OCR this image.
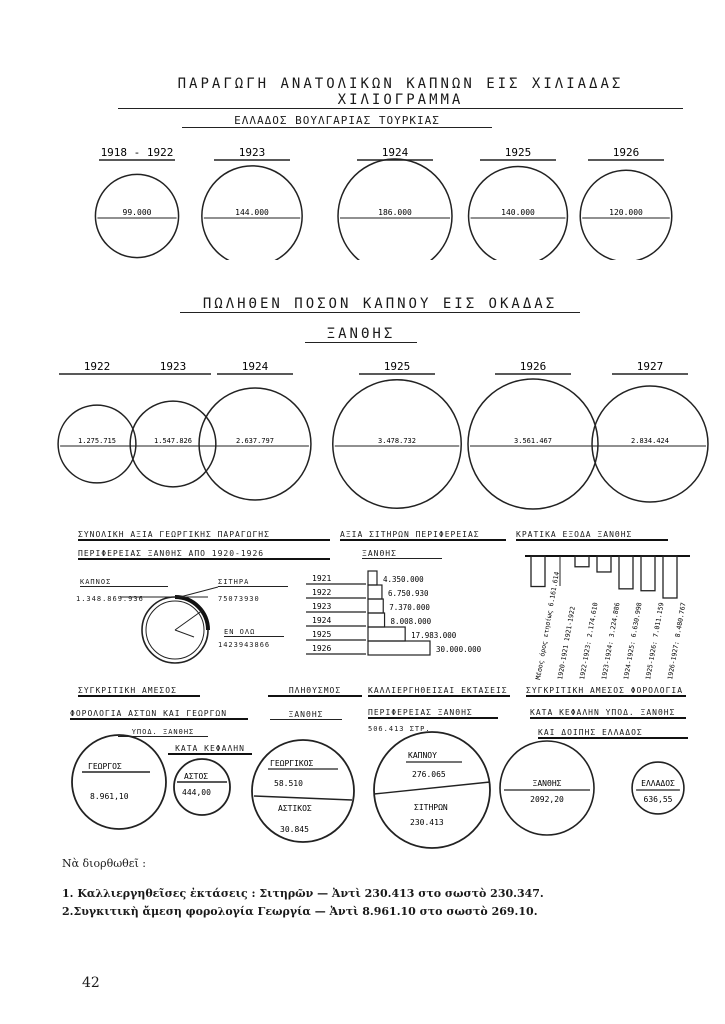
ΠΑΡΑΓΩΓΗ ΑΝΑΤΟΛΙΚΩΝ ΚΑΠΝΩΝ ΕΙΣ ΧΙΛΙΑΔΑΣ ΧΙΛΙΟΓΡΑΜΜΑ
ΕΛΛΑΔΟΣ ΒΟΥΛΓΑΡΙΑΣ ΤΟΥΡΚΙΑΣ
99.000
1918 - 1922
144.000
1923
186.000
1924
140.000
1925
120.000
1926
ΠΩΛΗΘΕΝ ΠΟΣΟΝ ΚΑΠΝΟΥ ΕΙΣ ΟΚΑΔΑΣ
ΞΑΝΘΗΣ
1.275.715
1922
1.547.826
1923
2.637.797
1924
3.478.732
1925
3.561.467
1926
2.834.424
1927
ΣΥΝΟΛΙΚΗ ΑΞΙΑ ΓΕΩΡΓΙΚΗΣ ΠΑΡΑΓΩΓΗΣ
ΠΕΡΙΦΕΡΕΙΑΣ ΞΑΝΘΗΣ ΑΠΟ 1920-1926
ΚΑΠΝΟΣ
1.348.869.936
ΣΙΤΗΡΑ
75073930
ΕΝ ΟΛΩ
1423943866
ΑΞΙΑ ΣΙΤΗΡΩΝ ΠΕΡΙΦΕΡΕΙΑΣ
ΞΑΝΘΗΣ
1921	4.350.000
1922	6.750.930
1923	7.370.000
1924	8.008.000
1925	17.983.000
1926	30.000.000
ΚΡΑΤΙΚΑ ΕΞΟΔΑ ΞΑΝΘΗΣ
Μέσος όρος ετησίως 6.161.614
1920-1921 1921-1922 1922-1923: 2.174.610 1923-1924: 3.224.886 1924-1925: 6.630.998 1925-1926: 7.011.159 1926-1927: 8.480.767
ΣΥΓΚΡΙΤΙΚΗ ΑΜΕΣΟΣ
ΦΟΡΟΛΟΓΙΑ ΑΣΤΩΝ ΚΑΙ ΓΕΩΡΓΩΝ
ΥΠΟΔ. ΞΑΝΘΗΣ
ΚΑΤΑ ΚΕΦΑΛΗΝ
ΠΛΗΘΥΣΜΟΣ
ΞΑΝΘΗΣ
ΚΑΛΛΙΕΡΓΗΘΕΙΣΑΙ ΕΚΤΑΣΕΙΣ
ΠΕΡΙΦΕΡΕΙΑΣ ΞΑΝΘΗΣ
506.413 ΣΤΡ.
ΣΥΓΚΡΙΤΙΚΗ ΑΜΕΣΟΣ ΦΟΡΟΛΟΓΙΑ
ΚΑΤΑ ΚΕΦΑΛΗΝ ΥΠΟΔ. ΞΑΝΘΗΣ
ΚΑΙ ΔΟΙΠΗΣ ΕΛΛΑΔΟΣ
ΓΕΩΡΓΟΣ
8.961,10
ΑΣΤΟΣ
444,00
ΓΕΩΡΓΙΚΟΣ
58.510
ΑΣΤΙΚΟΣ
30.845
ΚΑΠΝΟΥ
276.065
ΣΙΤΗΡΩΝ
230.413
ΞΑΝΘΗΣ
2092,20
ΕΛΛΑΔΟΣ
636,55
Νὰ διορθωθεῖ :
1. Καλλιεργηθεῖσες ἐκτάσεις : Σιτηρῶν — Ἀντὶ 230.413 στο σωστὸ 230.347.
2.Συγκιτικὴ ἄμεση φορολογία Γεωργία — Ἀντὶ 8.961.10 στο σωστὸ 269.10.
42
